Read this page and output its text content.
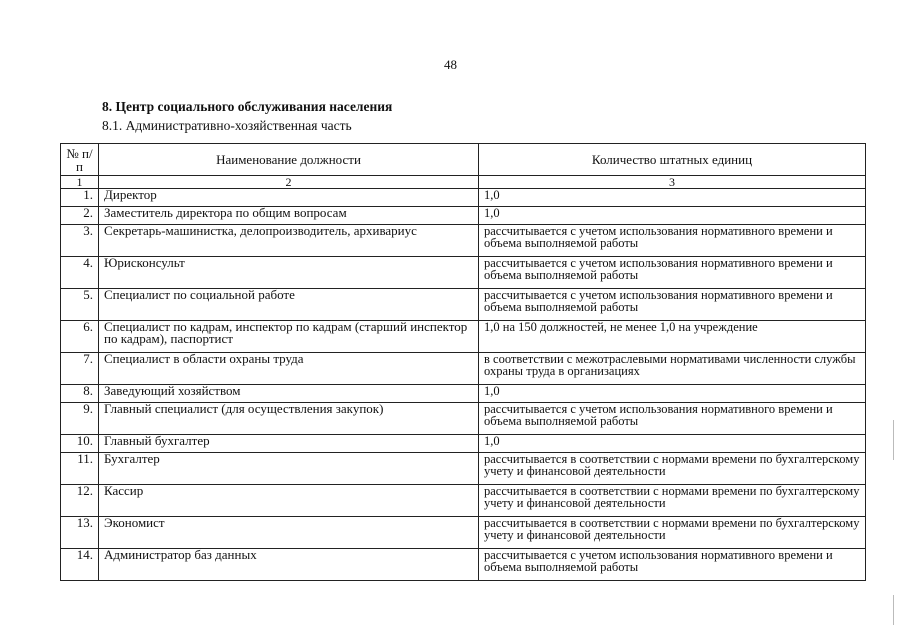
48
8. Центр социального обслуживания населения
8.1. Административно-хозяйственная часть
№ п/п	Наименование должности	Количество штатных единиц
1	2	3
1.	Директор	1,0
2.	Заместитель директора по общим вопросам	1,0
3.	Секретарь-машинистка, делопроизводитель, архивариус	рассчитывается с учетом использования нормативного времени и объема выполняемой работы
4.	Юрисконсульт	рассчитывается с учетом использования нормативного времени и объема выполняемой работы
5.	Специалист по социальной работе	рассчитывается с учетом использования нормативного времени и объема выполняемой работы
6.	Специалист по кадрам, инспектор по кадрам (старший инспектор по кадрам), паспортист	1,0 на 150 должностей, не менее 1,0 на учреждение
7.	Специалист в области охраны труда	в соответствии с межотраслевыми нормативами численности службы охраны труда в организациях
8.	Заведующий хозяйством	1,0
9.	Главный специалист (для осуществления закупок)	рассчитывается с учетом использования нормативного времени и объема выполняемой работы
10.	Главный бухгалтер	1,0
11.	Бухгалтер	рассчитывается в соответствии с нормами времени по бухгалтерскому учету и финансовой деятельности
12.	Кассир	рассчитывается в соответствии с нормами времени по бухгалтерскому учету и финансовой деятельности
13.	Экономист	рассчитывается в соответствии с нормами времени по бухгалтерскому учету и финансовой деятельности
14.	Администратор баз данных	рассчитывается с учетом использования нормативного времени и объема выполняемой работы
